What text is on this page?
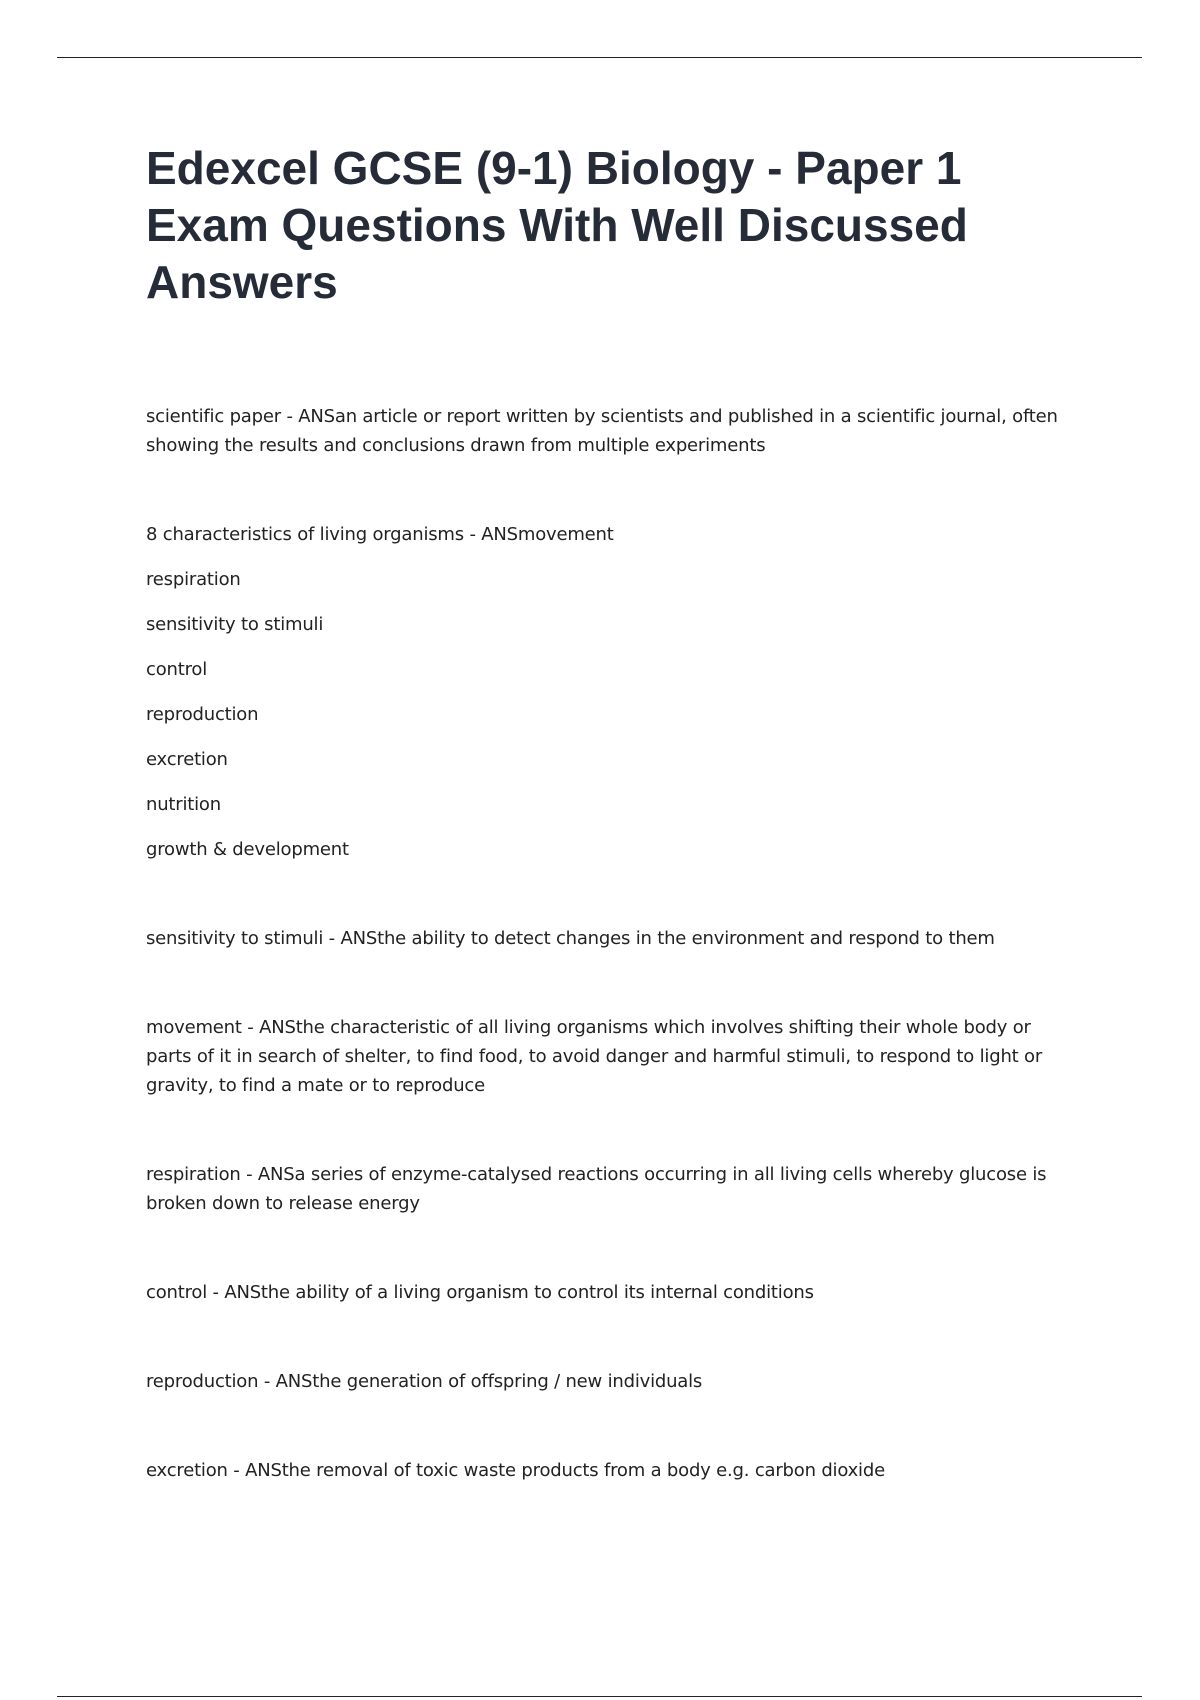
Edexcel GCSE (9-1) Biology - Paper 1 Exam Questions With Well Discussed Answers

scientific paper - ANSan article or report written by scientists and published in a scientific journal, often showing the results and conclusions drawn from multiple experiments

8 characteristics of living organisms - ANSmovement
respiration
sensitivity to stimuli
control
reproduction
excretion
nutrition
growth & development

sensitivity to stimuli - ANSthe ability to detect changes in the environment and respond to them

movement - ANSthe characteristic of all living organisms which involves shifting their whole body or parts of it in search of shelter, to find food, to avoid danger and harmful stimuli, to respond to light or gravity, to find a mate or to reproduce

respiration - ANSa series of enzyme-catalysed reactions occurring in all living cells whereby glucose is broken down to release energy

control - ANSthe ability of a living organism to control its internal conditions

reproduction - ANSthe generation of offspring / new individuals

excretion - ANSthe removal of toxic waste products from a body e.g. carbon dioxide
